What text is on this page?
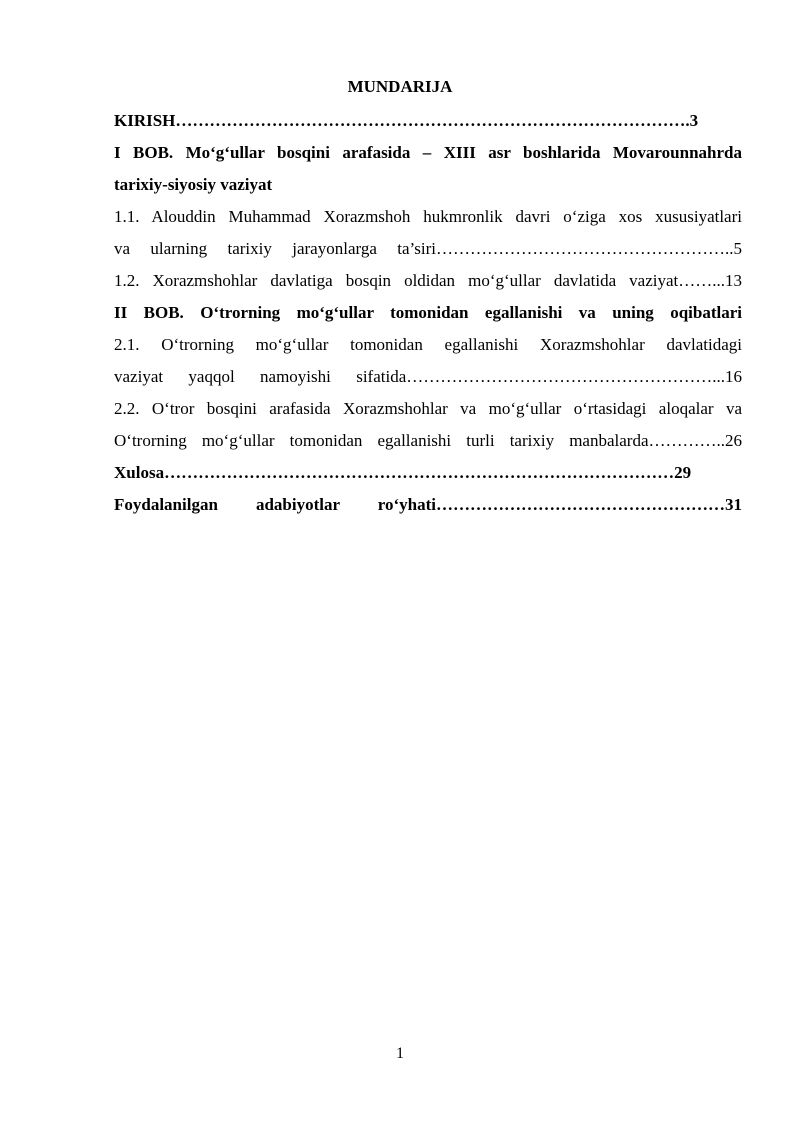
MUNDARIJA
KIRISH……………………………………………………………………………….3
I BOB. Mo‘g‘ullar bosqini arafasida – XIII asr boshlarida Movarounnahrda
tarixiy-siyosiy vaziyat
1.1. Alouddin Muhammad Xorazmshoh hukmronlik davri o‘ziga xos xususiyatlari
va ularning tarixiy jarayonlarga ta’siri……………………………………………..5
1.2. Xorazmshohlar davlatiga bosqin oldidan mo‘g‘ullar davlatida vaziyat……...13
II BOB. O‘trorning mo‘g‘ullar tomonidan egallanishi va uning oqibatlari
2.1. O‘trorning mo‘g‘ullar tomonidan egallanishi Xorazmshohlar davlatidagi
vaziyat yaqqol namoyishi sifatida………………………………………………...16
2.2. O‘tror bosqini arafasida Xorazmshohlar va mo‘g‘ullar o‘rtasidagi aloqalar va
O‘trorning mo‘g‘ullar tomonidan egallanishi turli tarixiy manbalarda…………..26
Xulosa………………………………………………………………………………29
Foydalanilgan adabiyotlar ro‘yhati……………………………………………31
1
